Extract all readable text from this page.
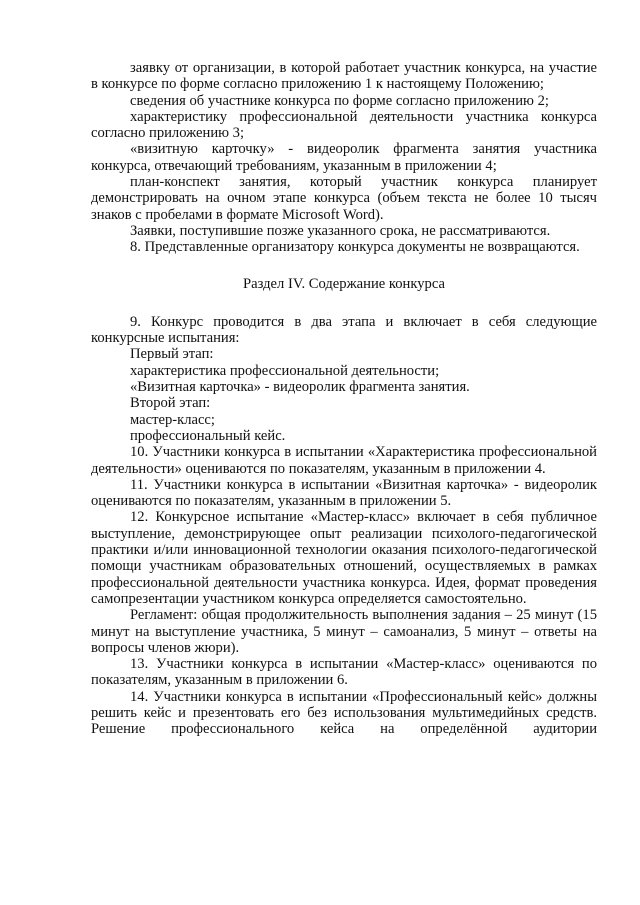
заявку от организации, в которой работает участник конкурса, на участие в конкурсе по форме согласно приложению 1 к настоящему Положению;

сведения об участнике конкурса по форме согласно приложению 2;

характеристику профессиональной деятельности участника конкурса согласно приложению 3;

«визитную карточку» - видеоролик фрагмента занятия участника конкурса, отвечающий требованиям, указанным в приложении 4;

план-конспект занятия, который участник конкурса планирует демонстрировать на очном этапе конкурса (объем текста не более 10 тысяч знаков с пробелами в формате Microsoft Word).

Заявки, поступившие позже указанного срока, не рассматриваются.

8. Представленные организатору конкурса документы не возвращаются.

Раздел IV. Содержание конкурса

9. Конкурс проводится в два этапа и включает в себя следующие конкурсные испытания:

Первый этап:

характеристика профессиональной деятельности;

«Визитная карточка» - видеоролик фрагмента занятия.

Второй этап:

мастер-класс;

профессиональный кейс.

10. Участники конкурса в испытании «Характеристика профессиональной деятельности» оцениваются по показателям, указанным в приложении 4.

11. Участники конкурса в испытании «Визитная карточка» - видеоролик оцениваются по показателям, указанным в приложении 5.

12. Конкурсное испытание «Мастер-класс» включает в себя публичное выступление, демонстрирующее опыт реализации психолого-педагогической практики и/или инновационной технологии оказания психолого-педагогической помощи участникам образовательных отношений, осуществляемых в рамках профессиональной деятельности участника конкурса. Идея, формат проведения самопрезентации участником конкурса определяется самостоятельно.

Регламент: общая продолжительность выполнения задания – 25 минут (15 минут на выступление участника, 5 минут – самоанализ, 5 минут – ответы на вопросы членов жюри).

13. Участники конкурса в испытании «Мастер-класс» оцениваются по показателям, указанным в приложении 6.

14. Участники конкурса в испытании «Профессиональный кейс» должны решить кейс и презентовать его без использования мультимедийных средств. Решение профессионального кейса на определённой аудитории
